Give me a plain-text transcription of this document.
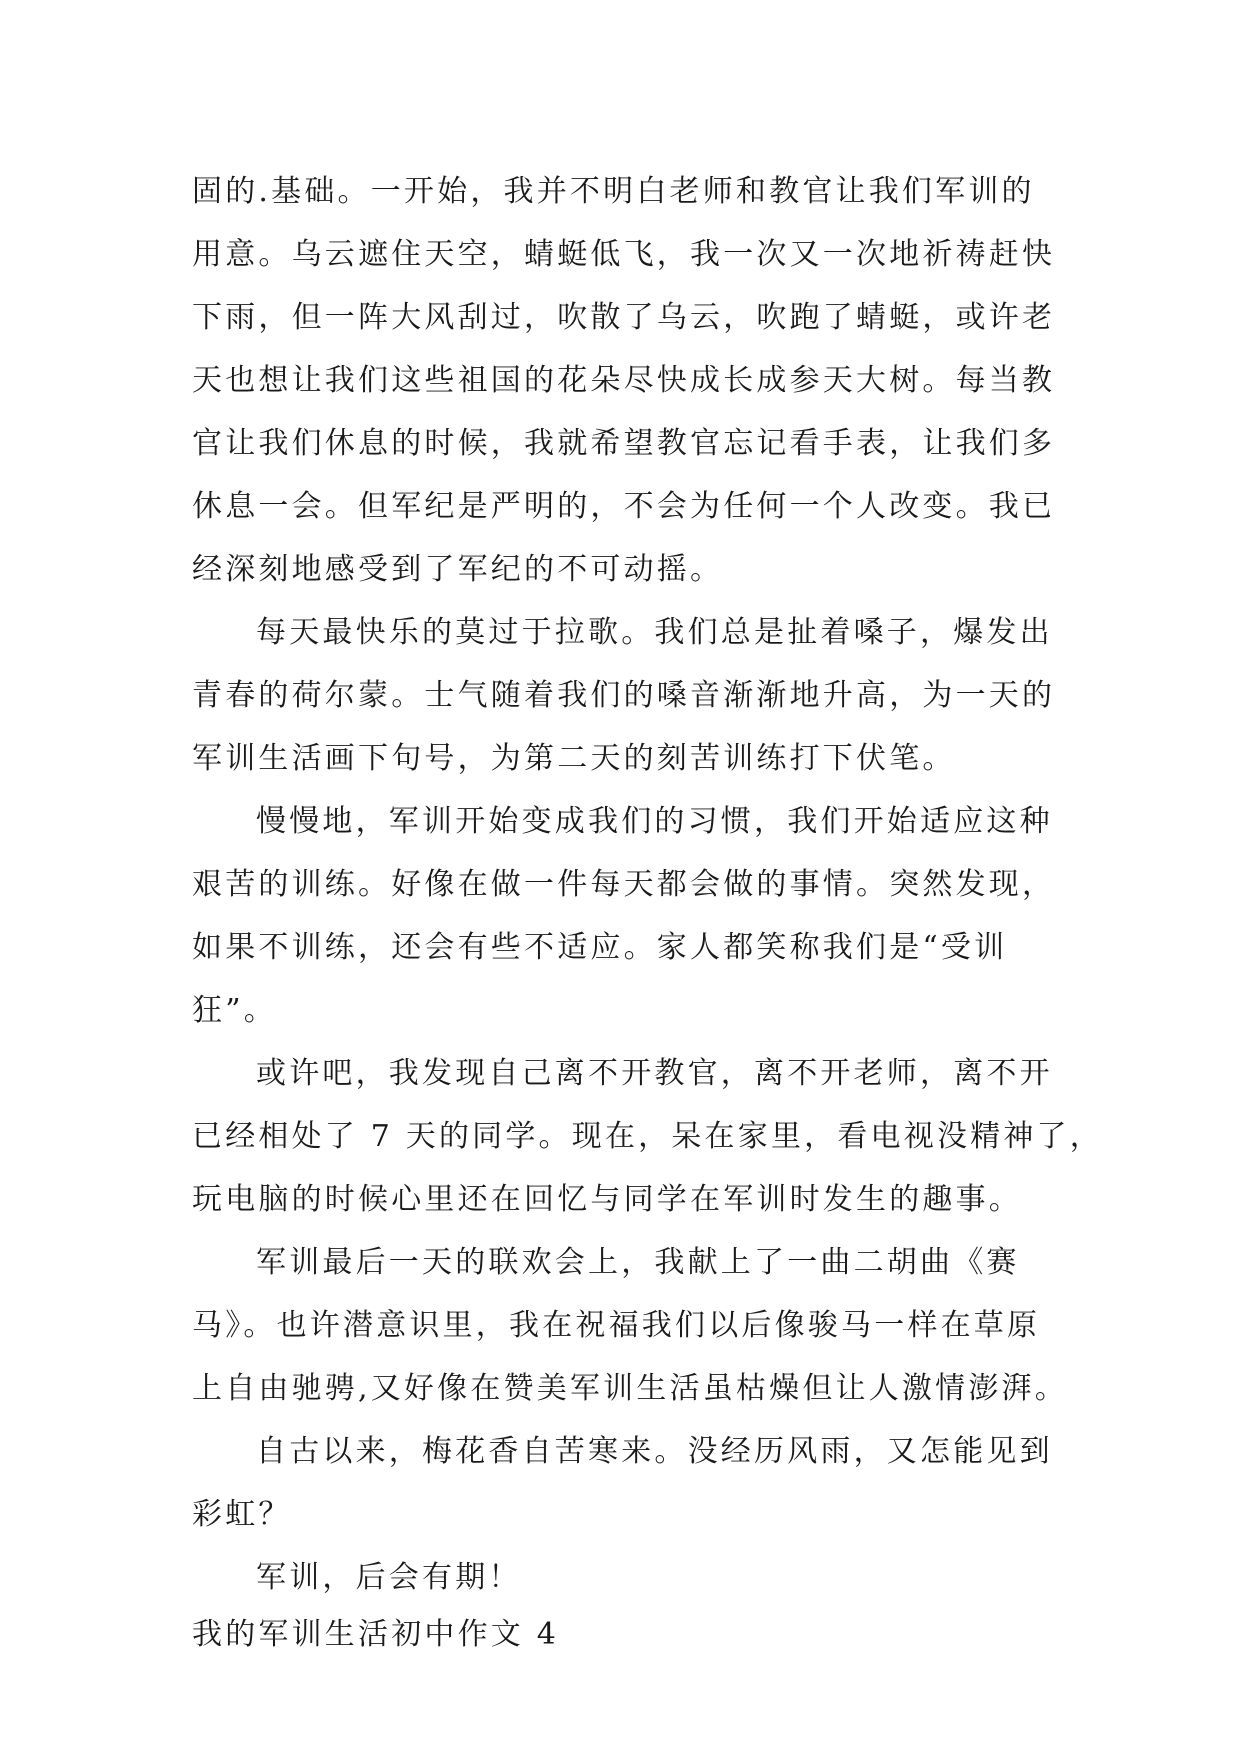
固的.基础。一开始，我并不明白老师和教官让我们军训的
用意。乌云遮住天空，蜻蜓低飞，我一次又一次地祈祷赶快
下雨，但一阵大风刮过，吹散了乌云，吹跑了蜻蜓，或许老
天也想让我们这些祖国的花朵尽快成长成参天大树。每当教
官让我们休息的时候，我就希望教官忘记看手表，让我们多
休息一会。但军纪是严明的，不会为任何一个人改变。我已
经深刻地感受到了军纪的不可动摇。
每天最快乐的莫过于拉歌。我们总是扯着嗓子，爆发出
青春的荷尔蒙。士气随着我们的嗓音渐渐地升高，为一天的
军训生活画下句号，为第二天的刻苦训练打下伏笔。
慢慢地，军训开始变成我们的习惯，我们开始适应这种
艰苦的训练。好像在做一件每天都会做的事情。突然发现，
如果不训练，还会有些不适应。家人都笑称我们是“受训
狂”。
或许吧，我发现自己离不开教官，离不开老师，离不开
已经相处了 7 天的同学。现在，呆在家里，看电视没精神了，
玩电脑的时候心里还在回忆与同学在军训时发生的趣事。
军训最后一天的联欢会上，我献上了一曲二胡曲《赛
马》。也许潜意识里，我在祝福我们以后像骏马一样在草原
上自由驰骋,又好像在赞美军训生活虽枯燥但让人激情澎湃。
自古以来，梅花香自苦寒来。没经历风雨，又怎能见到
彩虹？
军训，后会有期！
我的军训生活初中作文 4
